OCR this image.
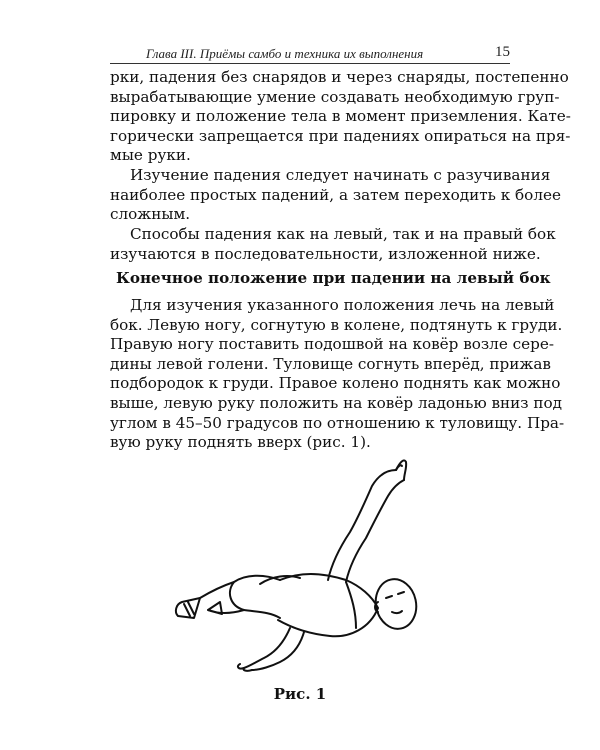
Глава III. Приёмы самбо и техника их выполнения	15
рки, падения без снарядов и через снаряды, постепенно
вырабатывающие умение создавать необходимую груп-
пировку и положение тела в момент приземления. Кате-
горически запрещается при падениях опираться на пря-
мые руки.
Изучение падения следует начинать с разучивания
наиболее простых падений, а затем переходить к более
сложным.
Способы падения как на левый, так и на правый бок
изучаются в последовательности, изложенной ниже.
Конечное положение при падении на левый бок
Для изучения указанного положения лечь на левый
бок. Левую ногу, согнутую в колене, подтянуть к груди.
Правую ногу поставить подошвой на ковёр возле сере-
дины левой голени. Туловище согнуть вперёд, прижав
подбородок к груди. Правое колено поднять как можно
выше, левую руку положить на ковёр ладонью вниз под
углом в 45–50 градусов по отношению к туловищу. Пра-
вую руку поднять вверх (рис. 1).
Рис. 1
